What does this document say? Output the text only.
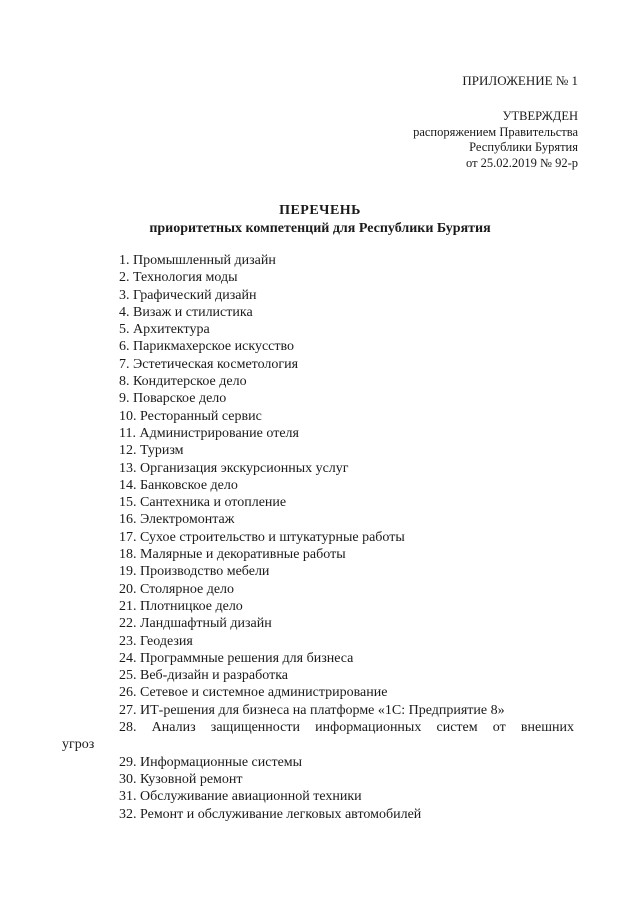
ПРИЛОЖЕНИЕ № 1
УТВЕРЖДЕН
распоряжением Правительства
Республики Бурятия
от 25.02.2019 № 92-р
ПЕРЕЧЕНЬ
приоритетных компетенций для Республики Бурятия
1. Промышленный дизайн
2. Технология моды
3. Графический дизайн
4. Визаж и стилистика
5. Архитектура
6. Парикмахерское искусство
7. Эстетическая косметология
8. Кондитерское дело
9. Поварское дело
10. Ресторанный сервис
11. Администрирование отеля
12. Туризм
13. Организация экскурсионных услуг
14. Банковское дело
15. Сантехника и отопление
16. Электромонтаж
17. Сухое строительство и штукатурные работы
18. Малярные и декоративные работы
19. Производство мебели
20. Столярное дело
21. Плотницкое дело
22. Ландшафтный дизайн
23. Геодезия
24. Программные решения для бизнеса
25. Веб-дизайн и разработка
26. Сетевое и системное администрирование
27. ИТ-решения для бизнеса на платформе «1С: Предприятие 8»
28. Анализ защищенности информационных систем от внешних
угроз
29. Информационные системы
30. Кузовной ремонт
31. Обслуживание авиационной техники
32. Ремонт и обслуживание легковых автомобилей
